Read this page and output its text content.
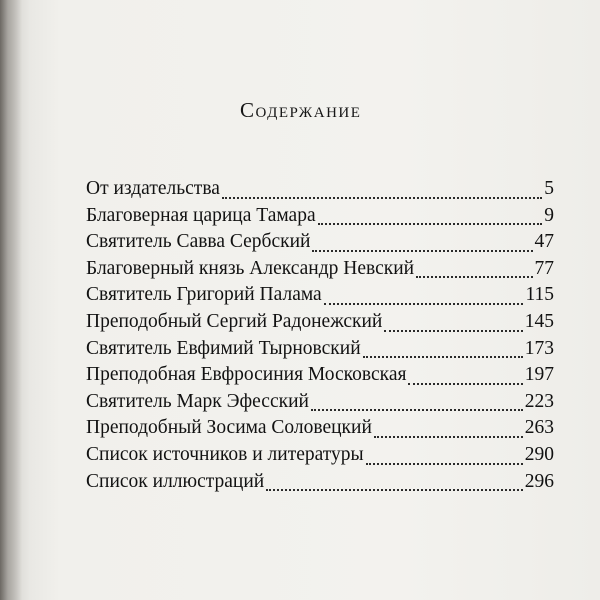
Содержание
От издательства	5
Благоверная царица Тамара	9
Святитель Савва Сербский	47
Благоверный князь Александр Невский	77
Святитель Григорий Палама	115
Преподобный Сергий Радонежский	145
Святитель Евфимий Тырновский	173
Преподобная Евфросиния Московская	197
Святитель Марк Эфесский	223
Преподобный Зосима Соловецкий	263
Список источников и литературы	290
Список иллюстраций	296
